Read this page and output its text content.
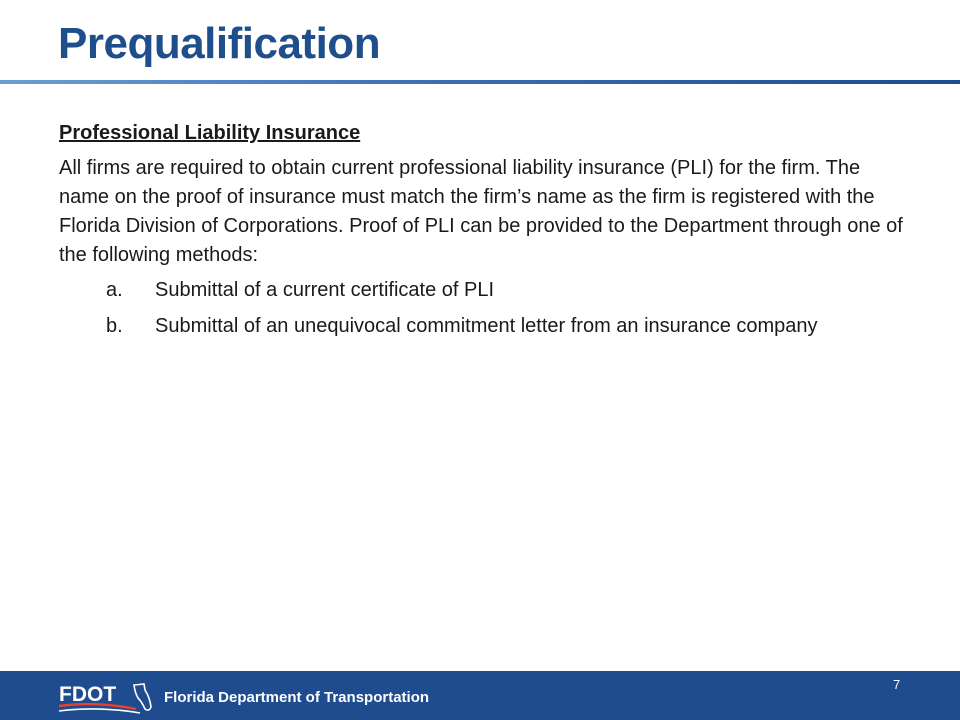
Prequalification

Professional Liability Insurance

All firms are required to obtain current professional liability insurance (PLI) for the firm. The name on the proof of insurance must match the firm’s name as the firm is registered with the Florida Division of Corporations. Proof of PLI can be provided to the Department through one of the following methods:

a. Submittal of a current certificate of PLI
b. Submittal of an unequivocal commitment letter from an insurance company
FDOT	Florida Department of Transportation
7
